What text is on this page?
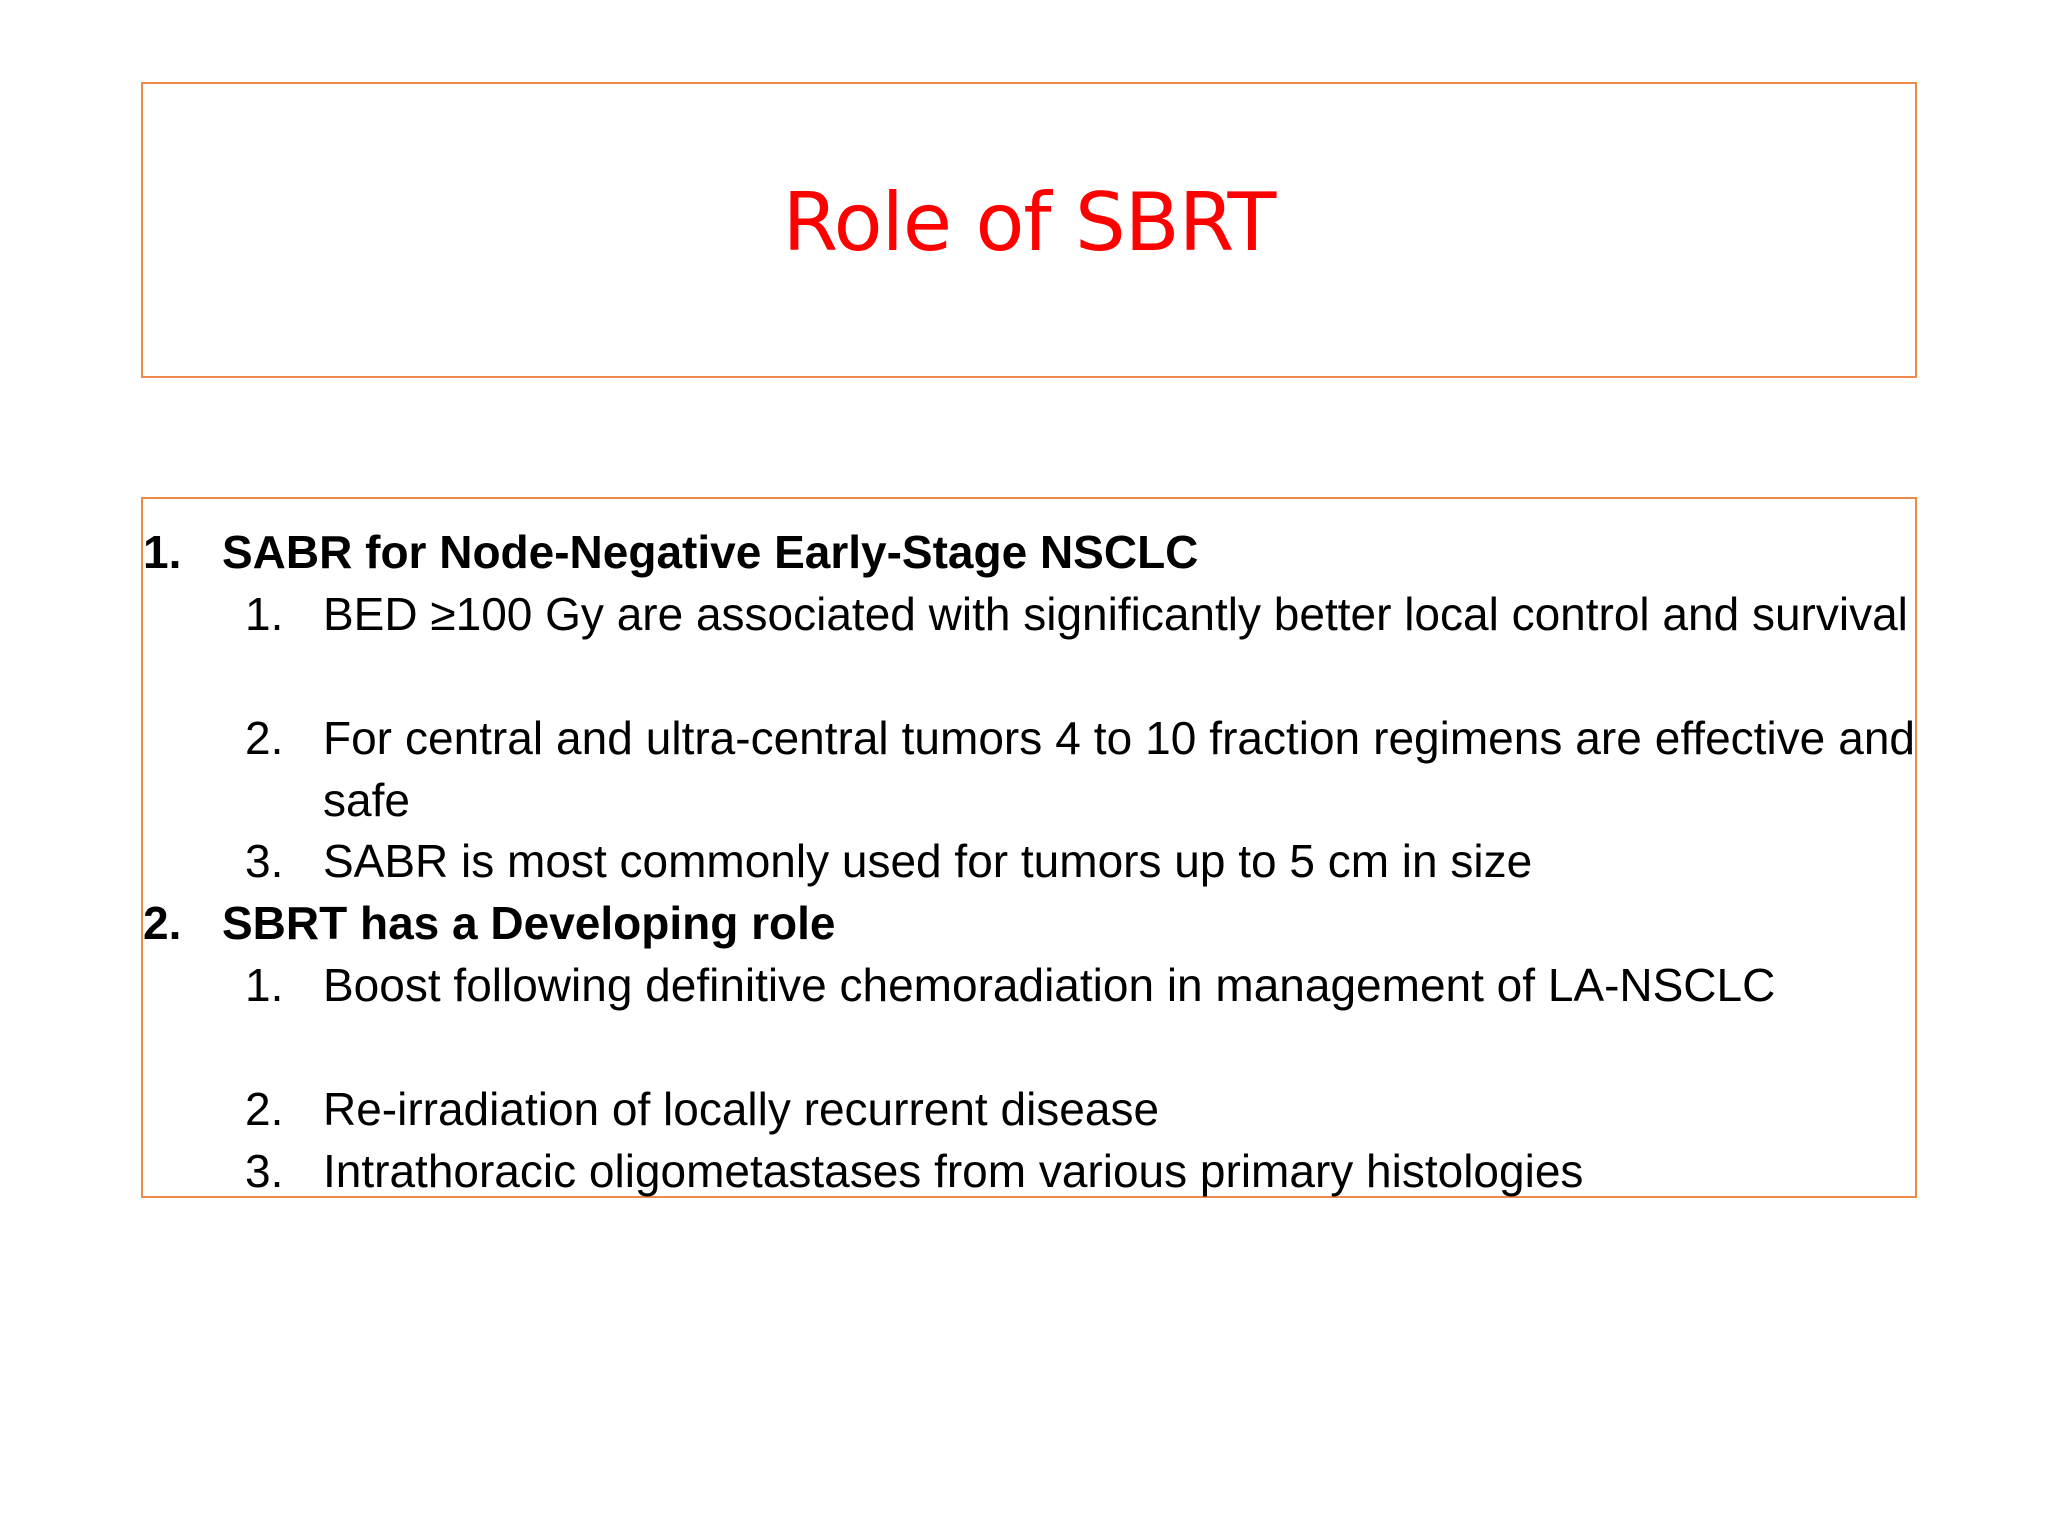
Role of SBRT
1. SABR for Node-Negative Early-Stage NSCLC
1. BED ≥100 Gy are associated with significantly better local control and survival
2. For central and ultra-central tumors 4 to 10 fraction regimens are effective and safe
3. SABR is most commonly used for tumors up to 5 cm in size
2. SBRT has a Developing role
1. Boost following definitive chemoradiation in management of LA-NSCLC
2. Re-irradiation of locally recurrent disease
3. Intrathoracic oligometastases from various primary histologies
